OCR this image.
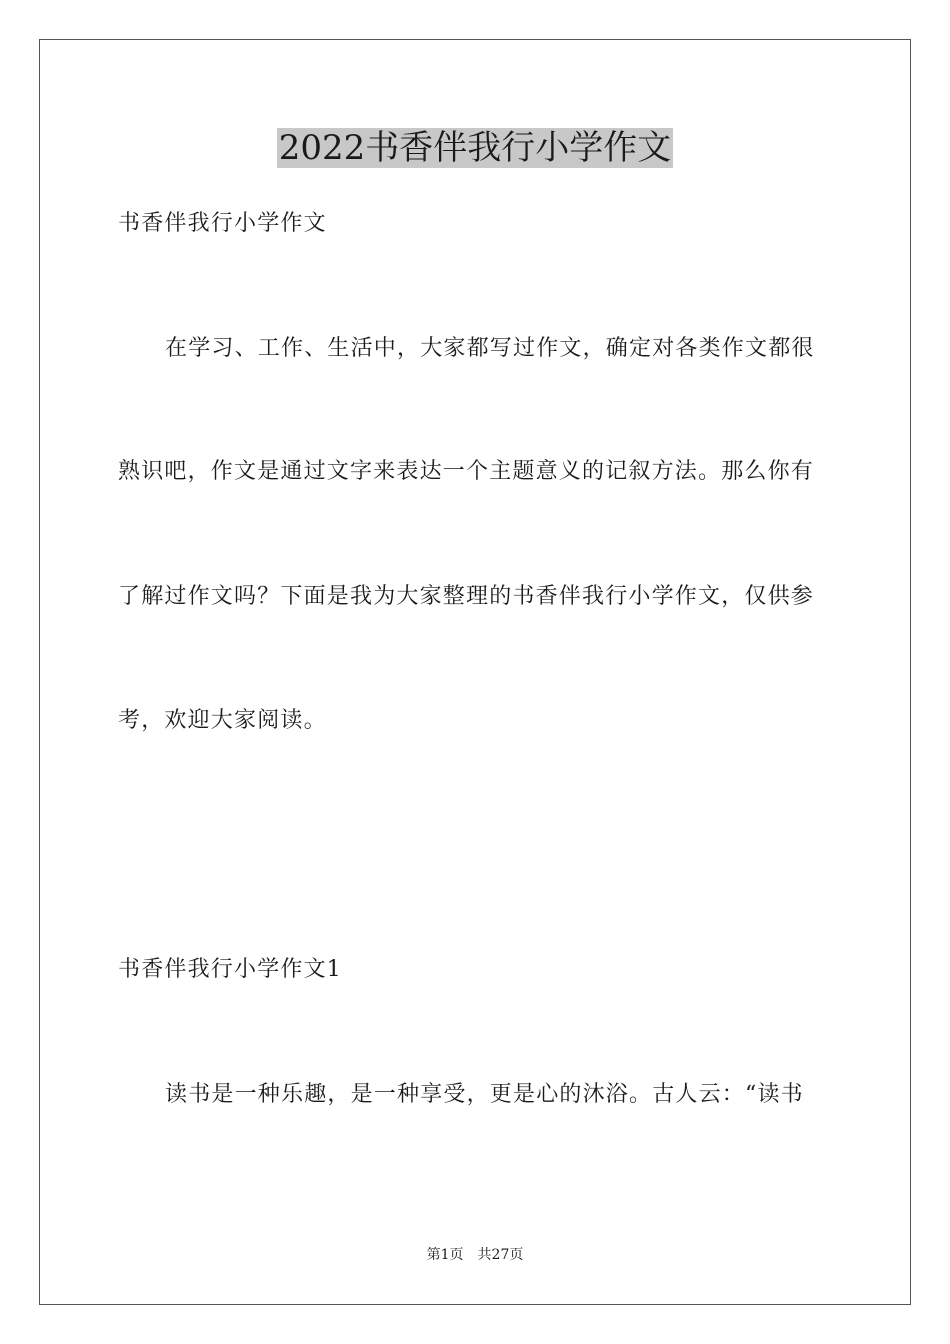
2022书香伴我行小学作文

书香伴我行小学作文

在学习、工作、生活中，大家都写过作文，确定对各类作文都很

熟识吧，作文是通过文字来表达一个主题意义的记叙方法。那么你有

了解过作文吗？下面是我为大家整理的书香伴我行小学作文，仅供参

考，欢迎大家阅读。

书香伴我行小学作文1

读书是一种乐趣，是一种享受，更是心的沐浴。古人云：“读书

第1页 共27页
